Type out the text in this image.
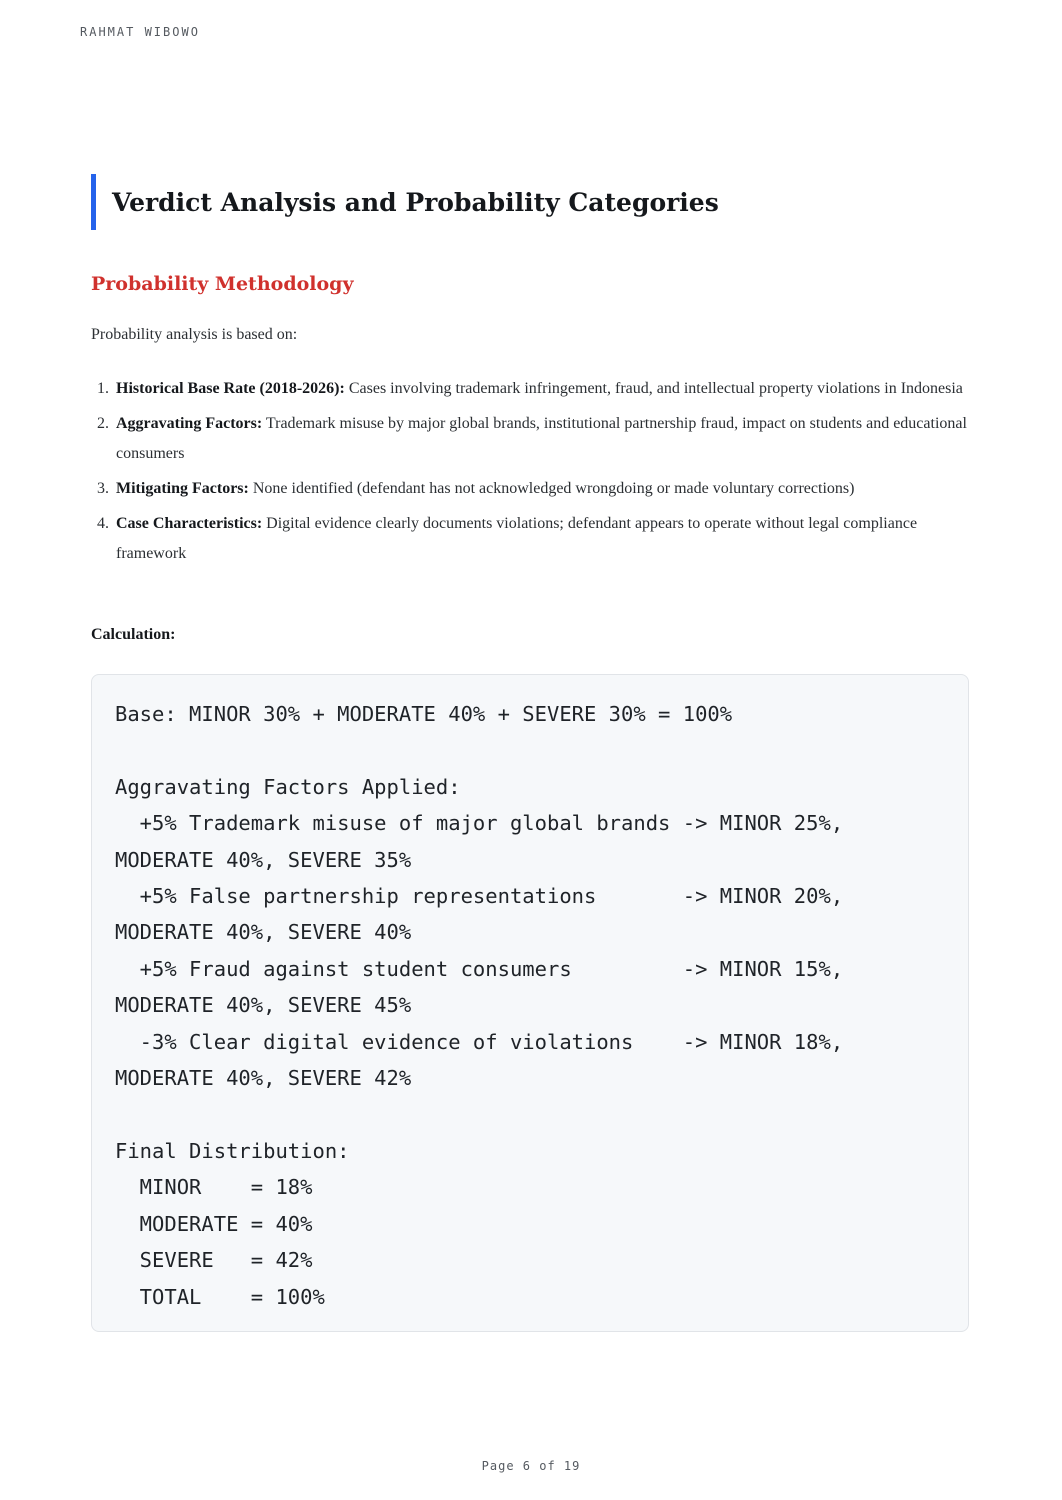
RAHMAT WIBOWO
Verdict Analysis and Probability Categories
Probability Methodology

Probability analysis is based on:

1. Historical Base Rate (2018-2026): Cases involving trademark infringement, fraud, and intellectual property violations in Indonesia
2. Aggravating Factors: Trademark misuse by major global brands, institutional partnership fraud, impact on students and educational consumers
3. Mitigating Factors: None identified (defendant has not acknowledged wrongdoing or made voluntary corrections)
4. Case Characteristics: Digital evidence clearly documents violations; defendant appears to operate without legal compliance framework

Calculation:

Base: MINOR 30% + MODERATE 40% + SEVERE 30% = 100%

Aggravating Factors Applied:
+5% Trademark misuse of major global brands -> MINOR 25%,
MODERATE 40%, SEVERE 35%
+5% False partnership representations       -> MINOR 20%,
MODERATE 40%, SEVERE 40%
+5% Fraud against student consumers         -> MINOR 15%,
MODERATE 40%, SEVERE 45%
-3% Clear digital evidence of violations    -> MINOR 18%,
MODERATE 40%, SEVERE 42%

Final Distribution:
MINOR    = 18%
MODERATE = 40%
SEVERE   = 42%
TOTAL    = 100%
Page 6 of 19
